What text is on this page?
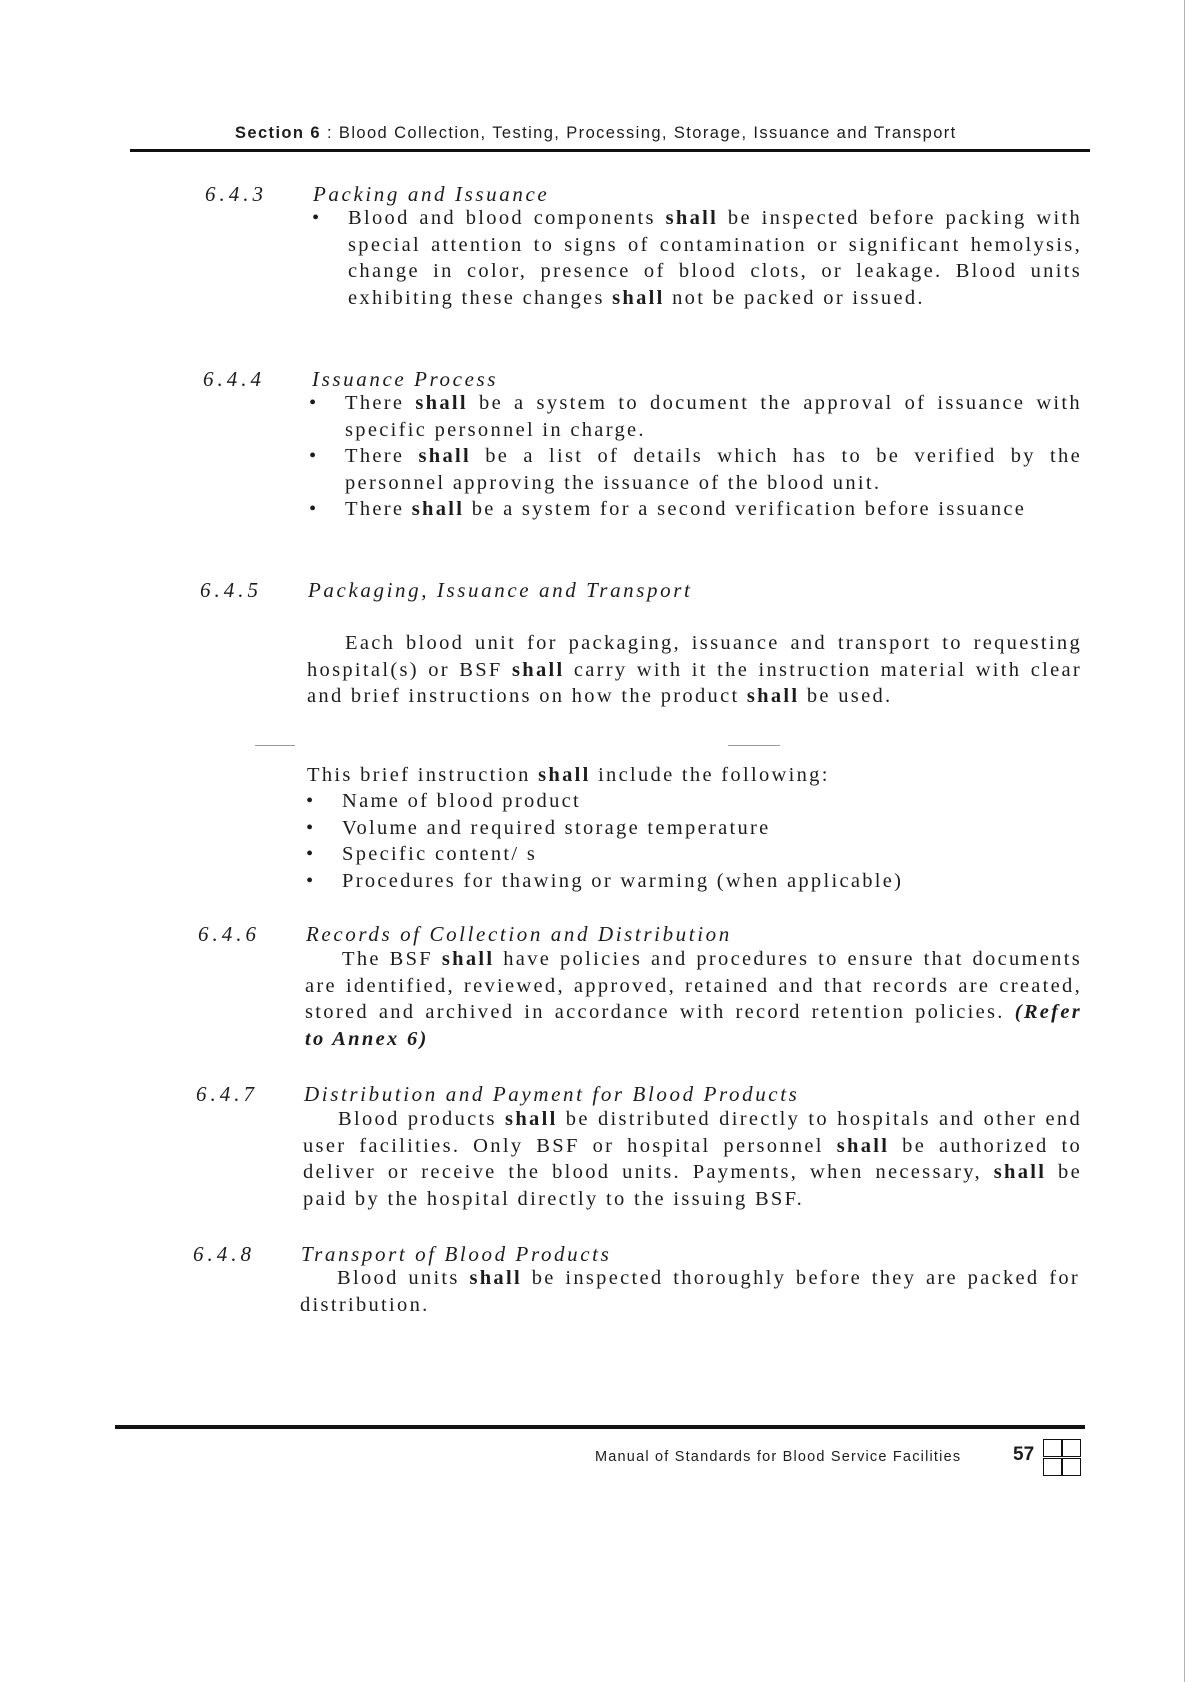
Section 6 : Blood Collection, Testing, Processing, Storage, Issuance and Transport
6.4.3 Packing and Issuance
• Blood and blood components shall be inspected before packing with special attention to signs of contamination or significant hemolysis, change in color, presence of blood clots, or leakage. Blood units exhibiting these changes shall not be packed or issued.
6.4.4 Issuance Process
• There shall be a system to document the approval of issuance with specific personnel in charge.
• There shall be a list of details which has to be verified by the personnel approving the issuance of the blood unit.
• There shall be a system for a second verification before issuance
6.4.5 Packaging, Issuance and Transport
Each blood unit for packaging, issuance and transport to requesting hospital(s) or BSF shall carry with it the instruction material with clear and brief instructions on how the product shall be used.
This brief instruction shall include the following:
• Name of blood product
• Volume and required storage temperature
• Specific content/ s
• Procedures for thawing or warming (when applicable)
6.4.6 Records of Collection and Distribution
The BSF shall have policies and procedures to ensure that documents are identified, reviewed, approved, retained and that records are created, stored and archived in accordance with record retention policies. (Refer to Annex 6)
6.4.7 Distribution and Payment for Blood Products
Blood products shall be distributed directly to hospitals and other end user facilities. Only BSF or hospital personnel shall be authorized to deliver or receive the blood units. Payments, when necessary, shall be paid by the hospital directly to the issuing BSF.
6.4.8 Transport of Blood Products
Blood units shall be inspected thoroughly before they are packed for distribution.
Manual of Standards for Blood Service Facilities	57
